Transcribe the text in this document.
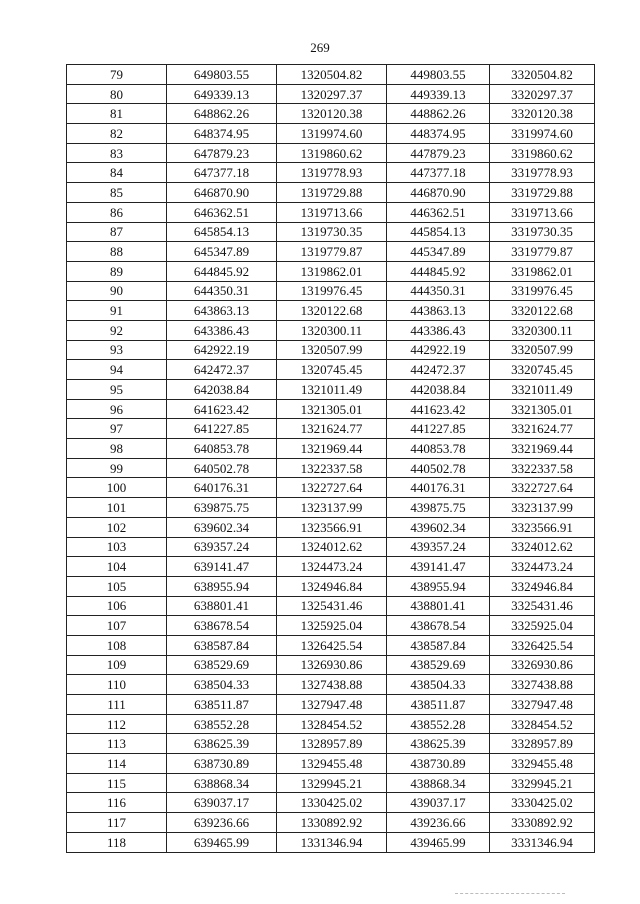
269
79	649803.55	1320504.82	449803.55	3320504.82
80	649339.13	1320297.37	449339.13	3320297.37
81	648862.26	1320120.38	448862.26	3320120.38
82	648374.95	1319974.60	448374.95	3319974.60
83	647879.23	1319860.62	447879.23	3319860.62
84	647377.18	1319778.93	447377.18	3319778.93
85	646870.90	1319729.88	446870.90	3319729.88
86	646362.51	1319713.66	446362.51	3319713.66
87	645854.13	1319730.35	445854.13	3319730.35
88	645347.89	1319779.87	445347.89	3319779.87
89	644845.92	1319862.01	444845.92	3319862.01
90	644350.31	1319976.45	444350.31	3319976.45
91	643863.13	1320122.68	443863.13	3320122.68
92	643386.43	1320300.11	443386.43	3320300.11
93	642922.19	1320507.99	442922.19	3320507.99
94	642472.37	1320745.45	442472.37	3320745.45
95	642038.84	1321011.49	442038.84	3321011.49
96	641623.42	1321305.01	441623.42	3321305.01
97	641227.85	1321624.77	441227.85	3321624.77
98	640853.78	1321969.44	440853.78	3321969.44
99	640502.78	1322337.58	440502.78	3322337.58
100	640176.31	1322727.64	440176.31	3322727.64
101	639875.75	1323137.99	439875.75	3323137.99
102	639602.34	1323566.91	439602.34	3323566.91
103	639357.24	1324012.62	439357.24	3324012.62
104	639141.47	1324473.24	439141.47	3324473.24
105	638955.94	1324946.84	438955.94	3324946.84
106	638801.41	1325431.46	438801.41	3325431.46
107	638678.54	1325925.04	438678.54	3325925.04
108	638587.84	1326425.54	438587.84	3326425.54
109	638529.69	1326930.86	438529.69	3326930.86
110	638504.33	1327438.88	438504.33	3327438.88
111	638511.87	1327947.48	438511.87	3327947.48
112	638552.28	1328454.52	438552.28	3328454.52
113	638625.39	1328957.89	438625.39	3328957.89
114	638730.89	1329455.48	438730.89	3329455.48
115	638868.34	1329945.21	438868.34	3329945.21
116	639037.17	1330425.02	439037.17	3330425.02
117	639236.66	1330892.92	439236.66	3330892.92
118	639465.99	1331346.94	439465.99	3331346.94
